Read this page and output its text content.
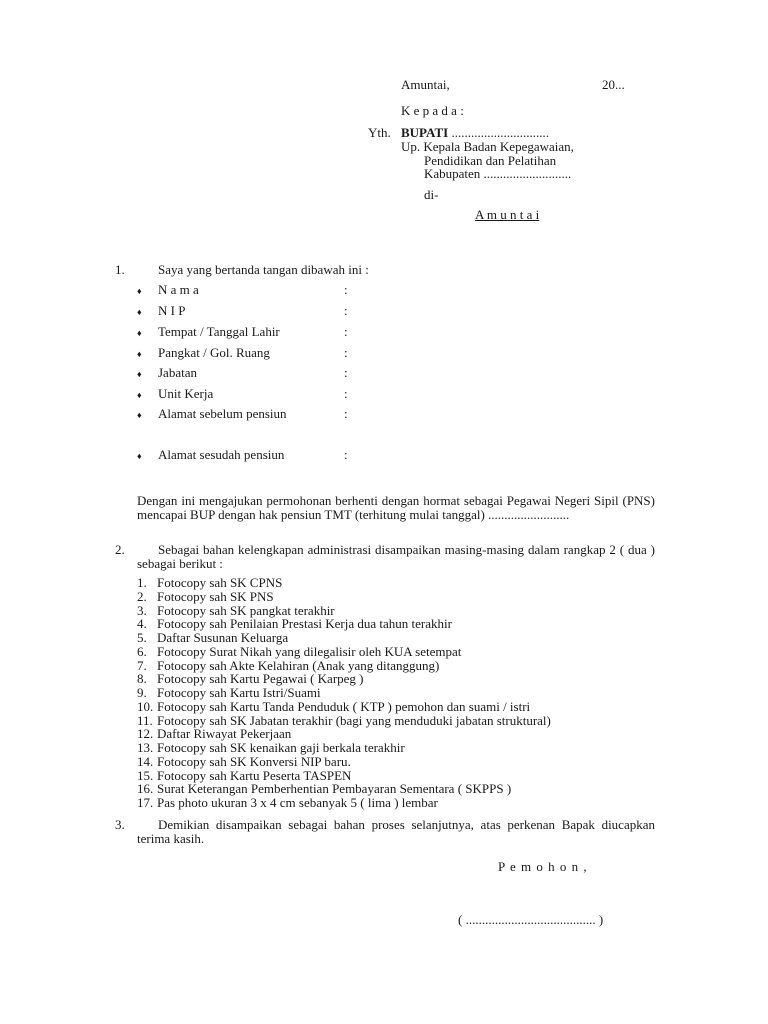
Amuntai,	20...
K e p a d a :
Yth. BUPATI ..............................
Up. Kepala Badan Kepegawaian,
Pendidikan dan Pelatihan
Kabupaten ...........................
di-
A m u n t a i
1.	Saya yang bertanda tangan dibawah ini :
♦ N a m a	:
♦ N I P	:
♦ Tempat / Tanggal Lahir	:
♦ Pangkat / Gol. Ruang	:
♦ Jabatan	:
♦ Unit Kerja	:
♦ Alamat sebelum pensiun	:
♦ Alamat sesudah pensiun	:
Dengan ini mengajukan permohonan berhenti dengan hormat sebagai Pegawai Negeri Sipil (PNS) mencapai BUP dengan hak pensiun TMT (terhitung mulai tanggal) .........................
2.	Sebagai bahan kelengkapan administrasi disampaikan masing-masing dalam rangkap 2 ( dua ) sebagai berikut :
1. Fotocopy sah SK CPNS
2. Fotocopy sah SK PNS
3. Fotocopy sah SK pangkat terakhir
4. Fotocopy sah Penilaian Prestasi Kerja dua tahun terakhir
5. Daftar Susunan Keluarga
6. Fotocopy Surat Nikah yang dilegalisir oleh KUA setempat
7. Fotocopy sah Akte Kelahiran (Anak yang ditanggung)
8. Fotocopy sah Kartu Pegawai ( Karpeg )
9. Fotocopy sah Kartu Istri/Suami
10. Fotocopy sah Kartu Tanda Penduduk ( KTP ) pemohon dan suami / istri
11. Fotocopy sah SK Jabatan terakhir (bagi yang menduduki jabatan struktural)
12. Daftar Riwayat Pekerjaan
13. Fotocopy sah SK kenaikan gaji berkala terakhir
14. Fotocopy sah SK Konversi NIP baru.
15. Fotocopy sah Kartu Peserta TASPEN
16. Surat Keterangan Pemberhentian Pembayaran Sementara ( SKPPS )
17. Pas photo ukuran 3 x 4 cm sebanyak 5 ( lima ) lembar
3.	Demikian disampaikan sebagai bahan proses selanjutnya, atas perkenan Bapak diucapkan terima kasih.
P e m o h o n ,
( ........................................ )
